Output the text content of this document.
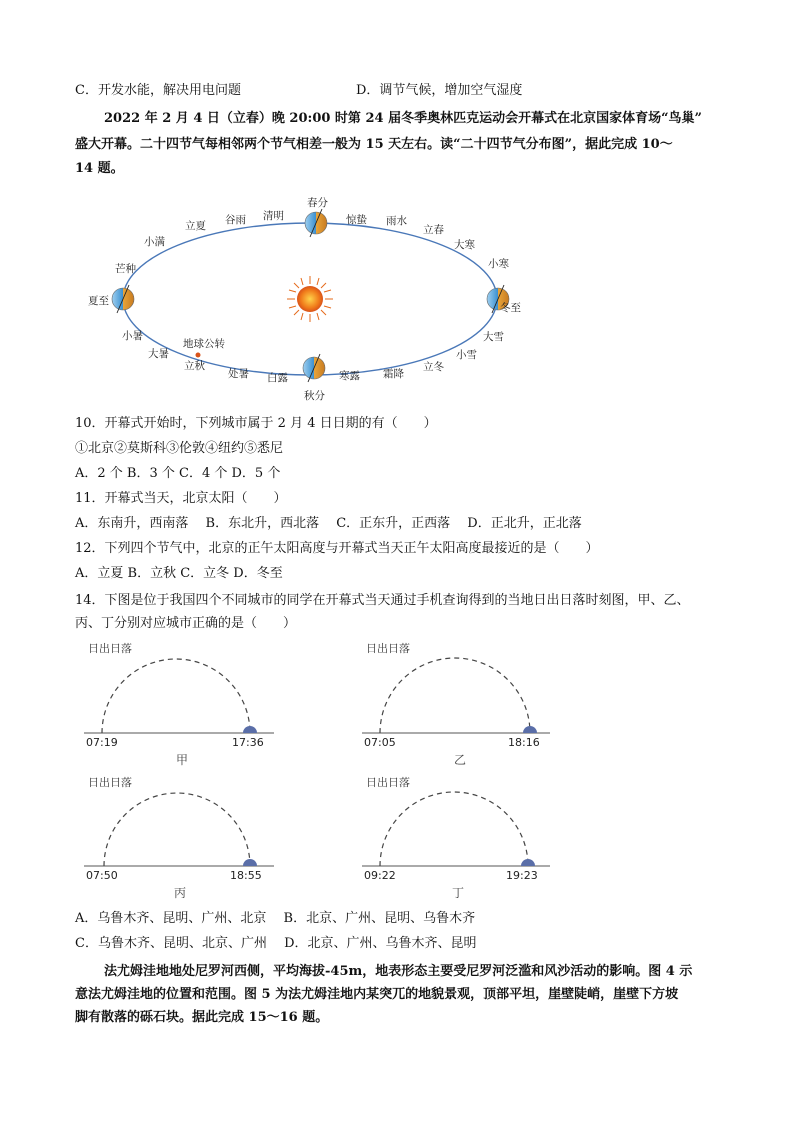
C．开发水能，解决用电问题	D．调节气候，增加空气湿度
2022 年 2 月 4 日（立春）晚 20:00 时第 24 届冬季奥林匹克运动会开幕式在北京国家体育场“鸟巢”
盛大开幕。二十四节气每相邻两个节气相差一般为 15 天左右。读“二十四节气分布图”，据此完成 10～
14 题。
春分
惊蛰 雨水
立春
大寒
小寒
冬至
大雪
小雪
立冬
霜降
寒露
秋分
白露
处暑
立秋
大暑
小暑
夏至
芒种
小满
立夏 谷雨 清明
地球公转
10．开幕式开始时，下列城市属于 2 月 4 日日期的有（　　）
①北京②莫斯科③伦敦④纽约⑤悉尼
A．2 个 B．3 个 C．4 个 D．5 个
11．开幕式当天，北京太阳（　　）
A．东南升，西南落　 B．东北升，西北落　 C．正东升，正西落　 D．正北升，正北落
12．下列四个节气中，北京的正午太阳高度与开幕式当天正午太阳高度最接近的是（　　）
A．立夏 B．立秋 C．立冬 D．冬至
14．下图是位于我国四个不同城市的同学在开幕式当天通过手机查询得到的当地日出日落时刻图，甲、乙、
丙、丁分别对应城市正确的是（　　）
日出日落
07:19	17:36
甲
日出日落
07:05	18:16
乙
日出日落
07:50	18:55
丙
日出日落
09:22	19:23
丁
A．乌鲁木齐、昆明、广州、北京　 B．北京、广州、昆明、乌鲁木齐
C．乌鲁木齐、昆明、北京、广州　 D．北京、广州、乌鲁木齐、昆明
法尤姆洼地地处尼罗河西侧，平均海拔-45m，地表形态主要受尼罗河泛滥和风沙活动的影响。图 4 示
意法尤姆洼地的位置和范围。图 5 为法尤姆洼地内某突兀的地貌景观，顶部平坦，崖壁陡峭，崖壁下方坡
脚有散落的砾石块。据此完成 15～16 题。
